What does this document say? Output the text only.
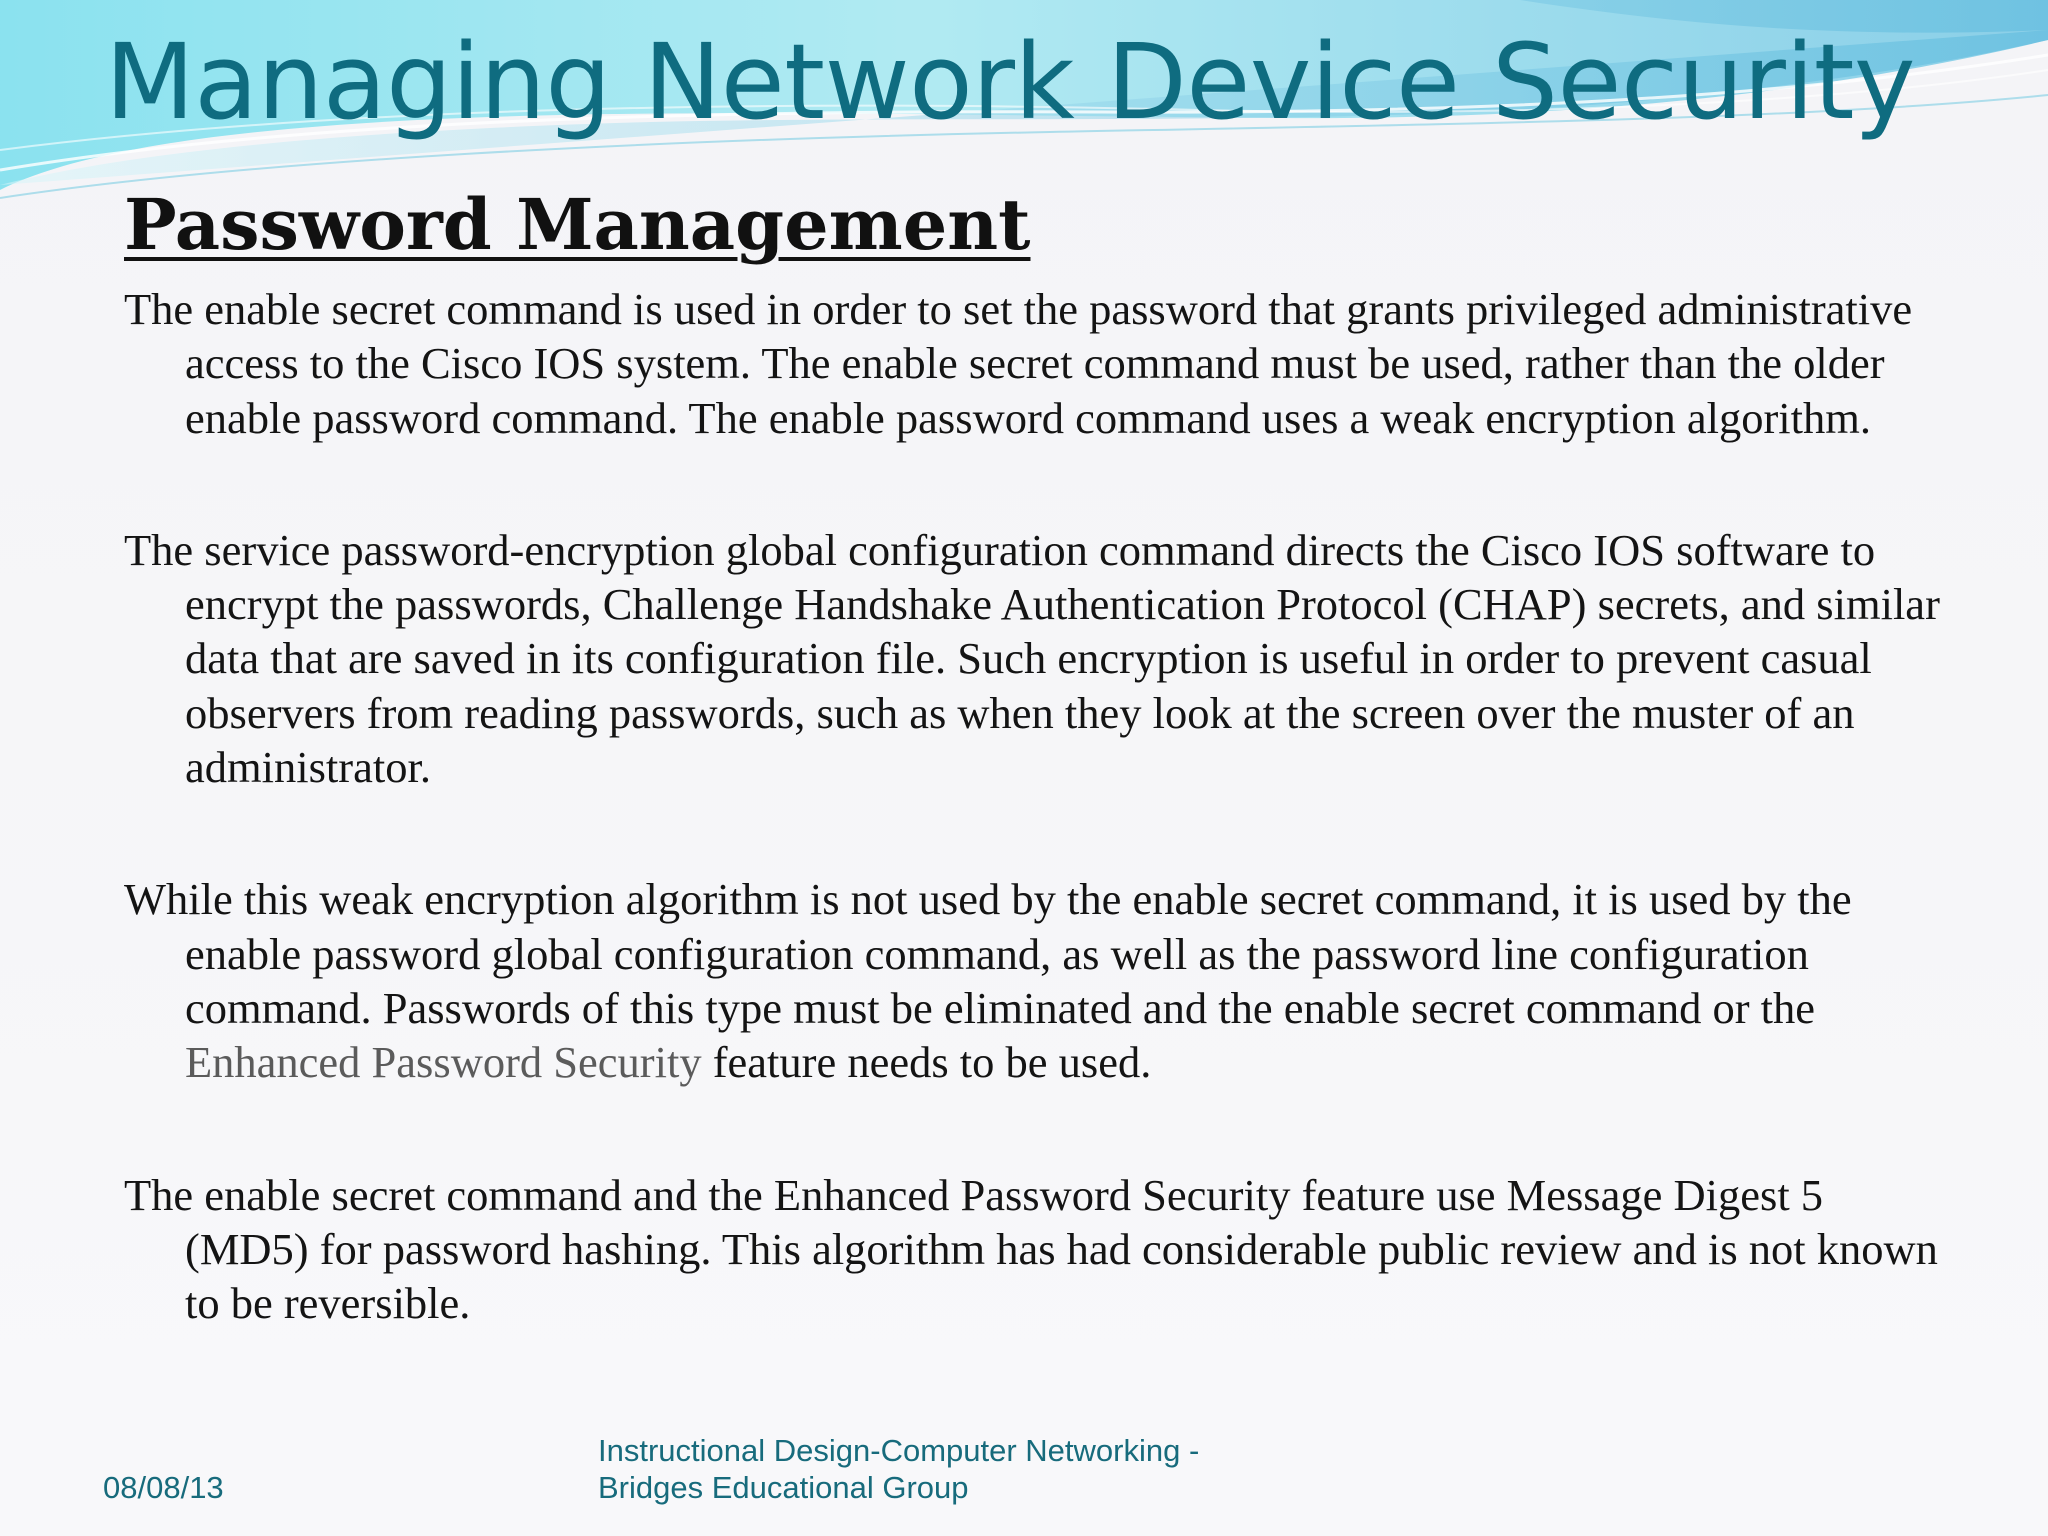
Managing Network Device Security
Password Management

The enable secret command is used in order to set the password that grants privileged administrative access to the Cisco IOS system. The enable secret command must be used, rather than the older enable password command. The enable password command uses a weak encryption algorithm.

The service password-encryption global configuration command directs the Cisco IOS software to encrypt the passwords, Challenge Handshake Authentication Protocol (CHAP) secrets, and similar data that are saved in its configuration file. Such encryption is useful in order to prevent casual observers from reading passwords, such as when they look at the screen over the muster of an administrator.

While this weak encryption algorithm is not used by the enable secret command, it is used by the enable password global configuration command, as well as the password line configuration command. Passwords of this type must be eliminated and the enable secret command or the Enhanced Password Security feature needs to be used.

The enable secret command and the Enhanced Password Security feature use Message Digest 5 (MD5) for password hashing. This algorithm has had considerable public review and is not known to be reversible.

08/08/13
Instructional Design-Computer Networking -
Bridges Educational Group
